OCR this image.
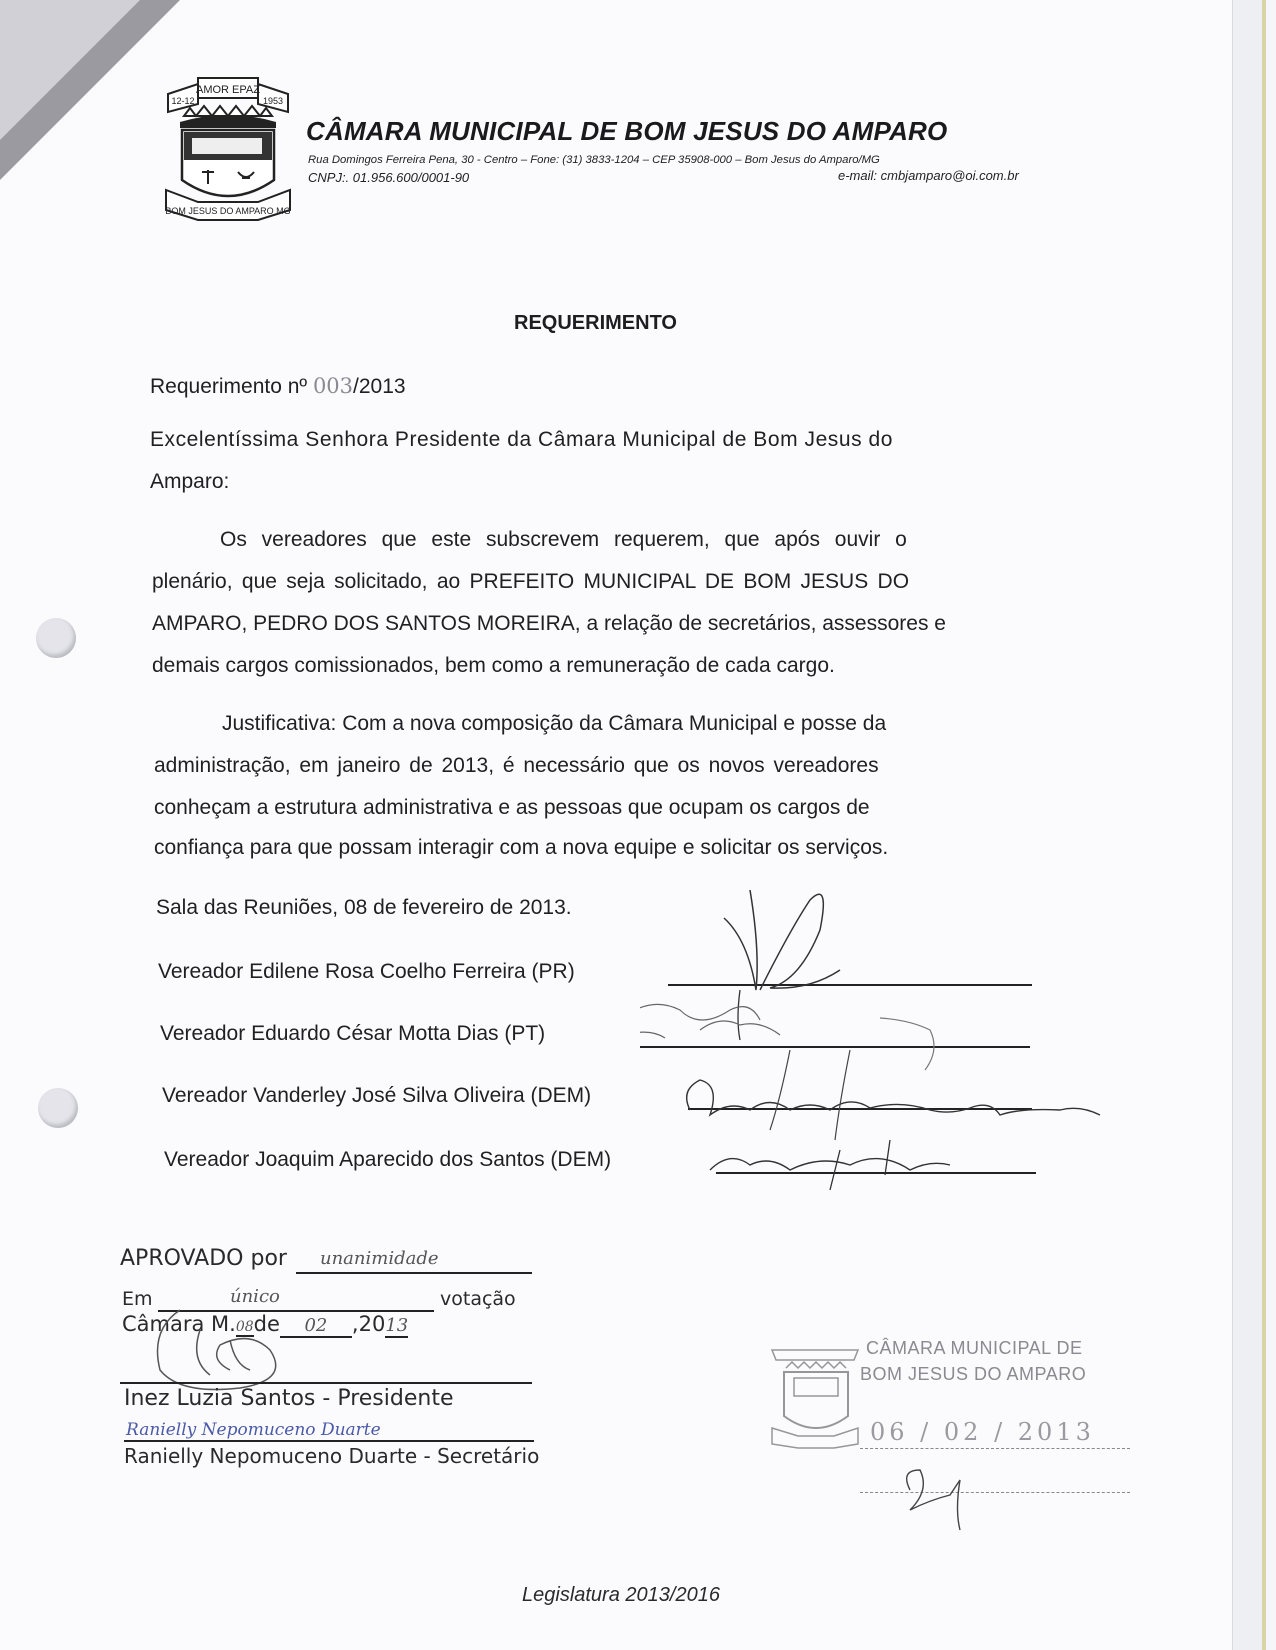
AMOR EPAZ
12-12	1953
BOM JESUS DO AMPARO MG
CÂMARA MUNICIPAL DE BOM JESUS DO AMPARO
Rua Domingos Ferreira Pena, 30 - Centro – Fone: (31) 3833-1204 – CEP 35908-000 – Bom Jesus do Amparo/MG
CNPJ:. 01.956.600/0001-90	e-mail: cmbjamparo@oi.com.br
REQUERIMENTO
Requerimento nº 003/2013
Excelentíssima Senhora Presidente da Câmara Municipal de Bom Jesus do
Amparo:
Os vereadores que este subscrevem requerem, que após ouvir o
plenário, que seja solicitado, ao PREFEITO MUNICIPAL DE BOM JESUS DO
AMPARO, PEDRO DOS SANTOS MOREIRA, a relação de secretários, assessores e
demais cargos comissionados, bem como a remuneração de cada cargo.
Justificativa: Com a nova composição da Câmara Municipal e posse da
administração, em janeiro de 2013, é necessário que os novos vereadores
conheçam a estrutura administrativa e as pessoas que ocupam os cargos de
confiança para que possam interagir com a nova equipe e solicitar os serviços.
Sala das Reuniões, 08 de fevereiro de 2013.
Vereador Edilene Rosa Coelho Ferreira (PR)
Vereador Eduardo César Motta Dias (PT)
Vereador Vanderley José Silva Oliveira (DEM)
Vereador Joaquim Aparecido dos Santos (DEM)
APROVADO por unanimidade
Em	único	votação
Câmara M.08de 02 ,2013
Inez Luzia Santos - Presidente
Ranielly Nepomuceno Duarte
Ranielly Nepomuceno Duarte - Secretário
CÂMARA MUNICIPAL DE
BOM JESUS DO AMPARO
06 / 02 / 2013
Legislatura 2013/2016
